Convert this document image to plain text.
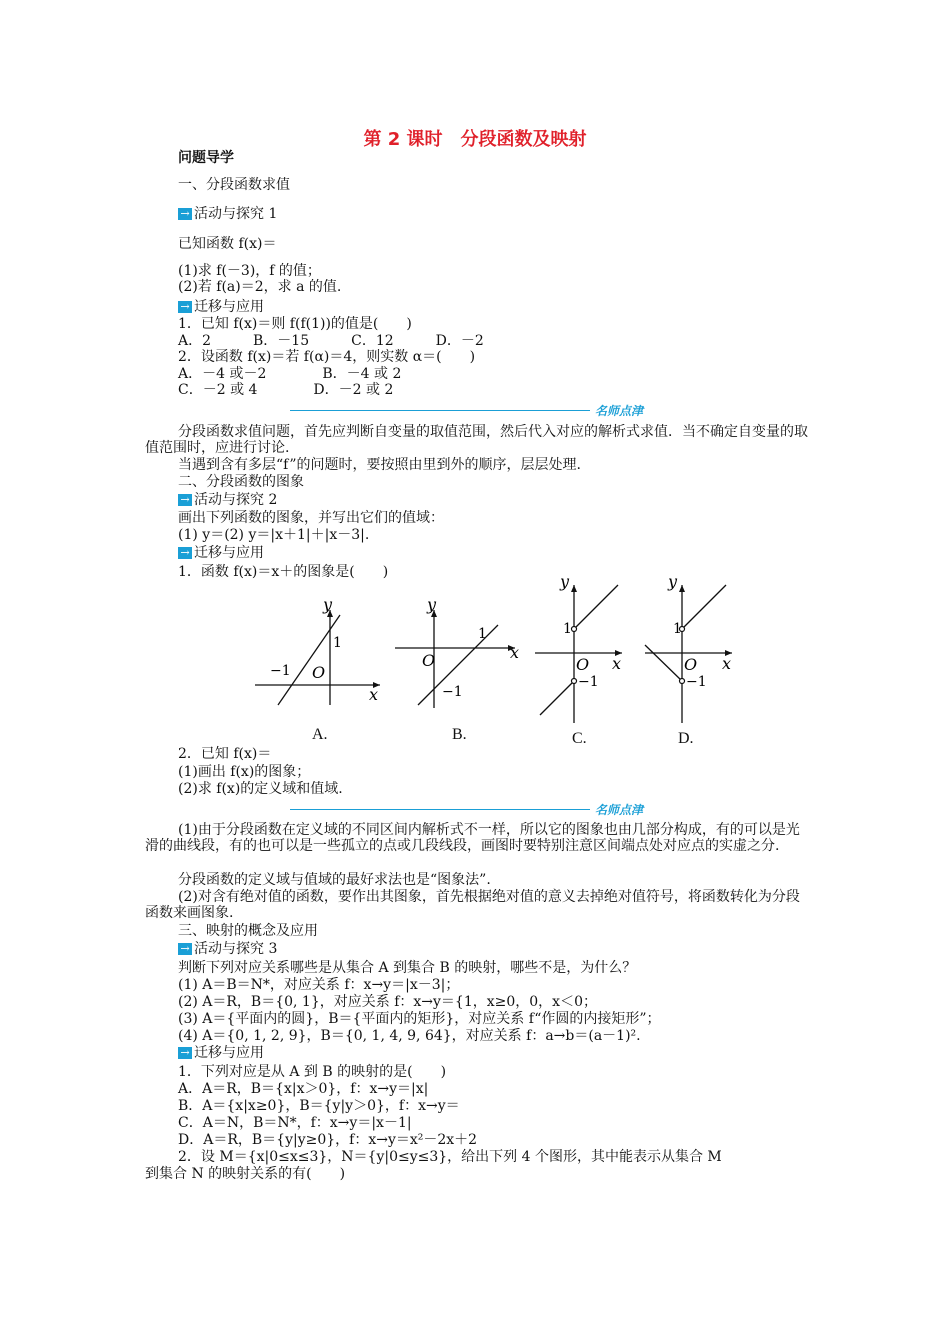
第 2 课时　分段函数及映射
问题导学
一、分段函数求值
→ 活动与探究 1
已知函数 f(x)＝
(1)求 f(－3)，f 的值；
(2)若 f(a)＝2，求 a 的值.
→ 迁移与应用
1．已知 f(x)＝则 f(f(1))的值是(　　)
A．2　　　B．－15　　　C．12　　　D．－2
2．设函数 f(x)＝若 f(α)＝4，则实数 α＝(　　)
A．－4 或－2　　　　B．－4 或 2
C．－2 或 4　　　　D．－2 或 2
名师点津
分段函数求值问题，首先应判断自变量的取值范围，然后代入对应的解析式求值．当不确定自变量的取值范围时，应进行讨论.
当遇到含有多层“f”的问题时，要按照由里到外的顺序，层层处理.
二、分段函数的图象
→ 活动与探究 2
画出下列函数的图象，并写出它们的值域：
(1) y＝(2) y＝|x＋1|＋|x－3|.
→ 迁移与应用
1．函数 f(x)＝x＋的图象是(　　)
y
x
O
1
−1
A.
y
x
O
1
−1
B.
y
x
O
1
−1
C.
y
x
O
1
−1
D.
2．已知 f(x)＝
(1)画出 f(x)的图象；
(2)求 f(x)的定义域和值域.
名师点津
(1)由于分段函数在定义域的不同区间内解析式不一样，所以它的图象也由几部分构成，有的可以是光滑的曲线段，有的也可以是一些孤立的点或几段线段，画图时要特别注意区间端点处对应点的实虚之分.
分段函数的定义域与值域的最好求法也是“图象法”.
(2)对含有绝对值的函数，要作出其图象，首先根据绝对值的意义去掉绝对值符号，将函数转化为分段函数来画图象.
三、映射的概念及应用
→ 活动与探究 3
判断下列对应关系哪些是从集合 A 到集合 B 的映射，哪些不是，为什么？
(1) A＝B＝N*，对应关系 f：x→y＝|x－3|；
(2) A＝R，B＝{0, 1}，对应关系 f：x→y＝{1，x≥0，0，x＜0；
(3) A＝{平面内的圆}，B＝{平面内的矩形}，对应关系 f“作圆的内接矩形”；
(4) A＝{0, 1, 2, 9}，B＝{0, 1, 4, 9, 64}，对应关系 f：a→b＝(a－1)².
→ 迁移与应用
1．下列对应是从 A 到 B 的映射的是(　　)
A．A＝R，B＝{x|x＞0}，f：x→y＝|x|
B．A＝{x|x≥0}，B＝{y|y＞0}，f：x→y＝
C．A＝N，B＝N*，f：x→y＝|x－1|
D．A＝R，B＝{y|y≥0}，f：x→y＝x²－2x＋2
2．设 M＝{x|0≤x≤3}，N＝{y|0≤y≤3}，给出下列 4 个图形，其中能表示从集合 M
到集合 N 的映射关系的有(　　)
